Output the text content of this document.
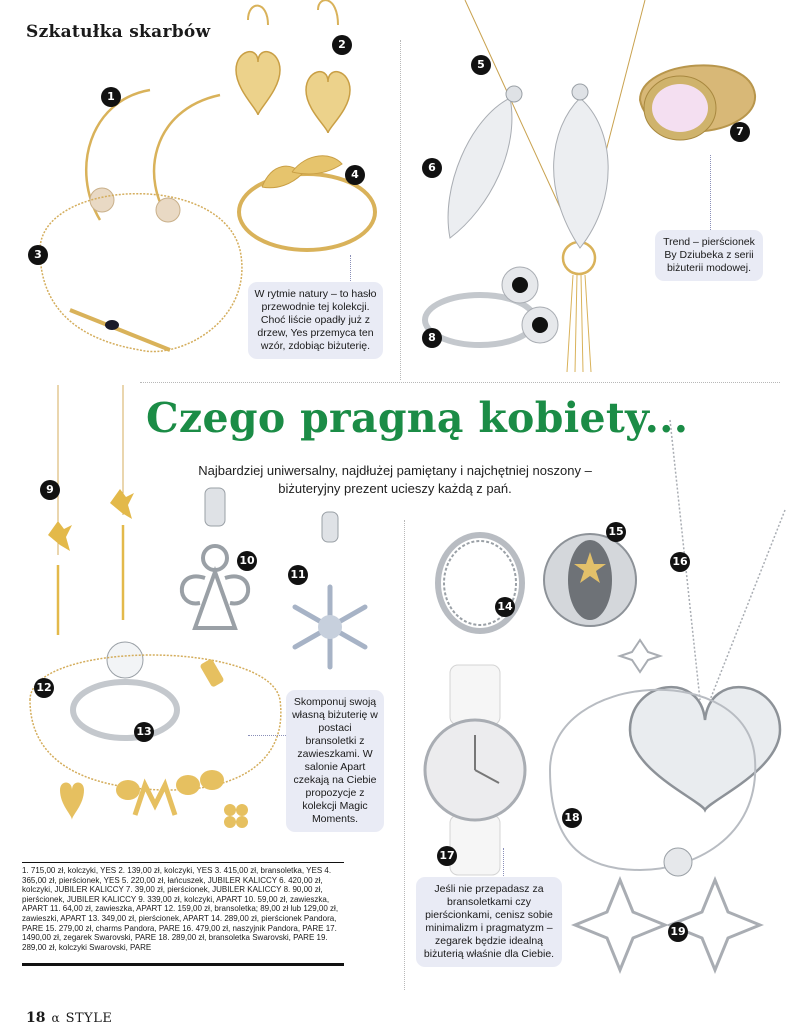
Szkatułka skarbów
1
2
3
4
W rytmie natury – to hasło przewodnie tej kolekcji. Choć liście opadły już z drzew, Yes przemyca ten wzór, zdobiąc biżuterię.
5
6
7
8
Trend – pierścionek By Dziubeka z serii biżuterii modowej.
Czego pragną kobiety...
Najbardziej uniwersalny, najdłużej pamiętany i najchętniej noszony – biżuteryjny prezent ucieszy każdą z pań.
9
10
11
12
13
Skomponuj swoją własną biżuterię w postaci bransoletki z zawieszkami. W salonie Apart czekają na Ciebie propozycje z kolekcji Magic Moments.
14
15
16
17
18
19
Jeśli nie przepadasz za bransoletkami czy pierścionkami, cenisz sobie minimalizm i pragmatyzm – zegarek będzie idealną biżuterią właśnie dla Ciebie.
1. 715,00 zł, kolczyki, YES 2. 139,00 zł, kolczyki, YES 3. 415,00 zł, bransoletka, YES 4. 365,00 zł, pierścionek, YES 5. 220,00 zł, łańcuszek, JUBILER KALICCY 6. 420,00 zł, kolczyki, JUBILER KALICCY 7. 39,00 zł, pierścionek, JUBILER KALICCY 8. 90,00 zł, pierścionek, JUBILER KALICCY 9. 339,00 zł, kolczyki, APART 10. 59,00 zł, zawieszka, APART 11. 64,00 zł, zawieszka, APART 12. 159,00 zł, bransoletka; 89,00 zł lub 129,00 zł, zawieszki, APART 13. 349,00 zł, pierścionek, APART 14. 289,00 zł, pierścionek Pandora, PARE 15. 279,00 zł, charms Pandora, PARE 16. 479,00 zł, naszyjnik Pandora, PARE 17. 1490,00 zł, zegarek Swarovski, PARE 18. 289,00 zł, bransoletka Swarovski, PARE 19. 289,00 zł, kolczyki Swarovski, PARE
18 α STYLE
